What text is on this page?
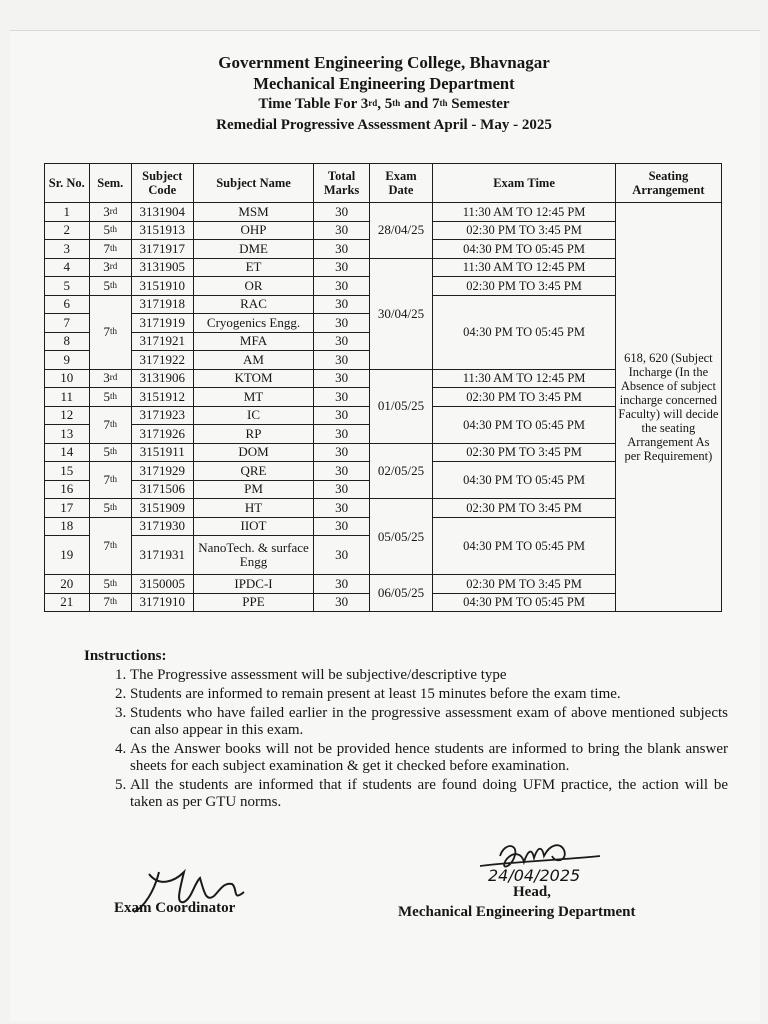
Government Engineering College, Bhavnagar
Mechanical Engineering Department
Time Table For 3rd, 5th and 7th Semester
Remedial Progressive Assessment April - May - 2025
Sr. No.	Sem.	Subject Code	Subject Name	Total Marks	Exam Date	Exam Time	Seating Arrangement
1	3rd	3131904	MSM	30	28/04/25	11:30 AM TO 12:45 PM	618, 620 (Subject Incharge (In the Absence of subject incharge concerned Faculty) will decide the seating Arrangement As per Requirement)
2	5th	3151913	OHP	30		02:30 PM TO 3:45 PM	
3	7th	3171917	DME	30		04:30 PM TO 05:45 PM	
4	3rd	3131905	ET	30	30/04/25	11:30 AM TO 12:45 PM	
5	5th	3151910	OR	30		02:30 PM TO 3:45 PM	
6	7th	3171918	RAC	30		04:30 PM TO 05:45 PM	
7		3171919	Cryogenics Engg.	30			
8		3171921	MFA	30			
9		3171922	AM	30			
10	3rd	3131906	KTOM	30	01/05/25	11:30 AM TO 12:45 PM	
11	5th	3151912	MT	30		02:30 PM TO 3:45 PM	
12	7th	3171923	IC	30		04:30 PM TO 05:45 PM	
13		3171926	RP	30			
14	5th	3151911	DOM	30	02/05/25	02:30 PM TO 3:45 PM	
15	7th	3171929	QRE	30		04:30 PM TO 05:45 PM	
16		3171506	PM	30			
17	5th	3151909	HT	30	05/05/25	02:30 PM TO 3:45 PM	
18	7th	3171930	IIOT	30		04:30 PM TO 05:45 PM	
19		3171931	NanoTech. & surface Engg	30			
20	5th	3150005	IPDC-I	30	06/05/25	02:30 PM TO 3:45 PM	
21	7th	3171910	PPE	30		04:30 PM TO 05:45 PM	
Instructions:
1. The Progressive assessment will be subjective/descriptive type
2. Students are informed to remain present at least 15 minutes before the exam time.
3. Students who have failed earlier in the progressive assessment exam of above mentioned subjects can also appear in this exam.
4. As the Answer books will not be provided hence students are informed to bring the blank answer sheets for each subject examination & get it checked before examination.
5. All the students are informed that if students are found doing UFM practice, the action will be taken as per GTU norms.
24/04/2025
Exam Coordinator
Head,
Mechanical Engineering Department
